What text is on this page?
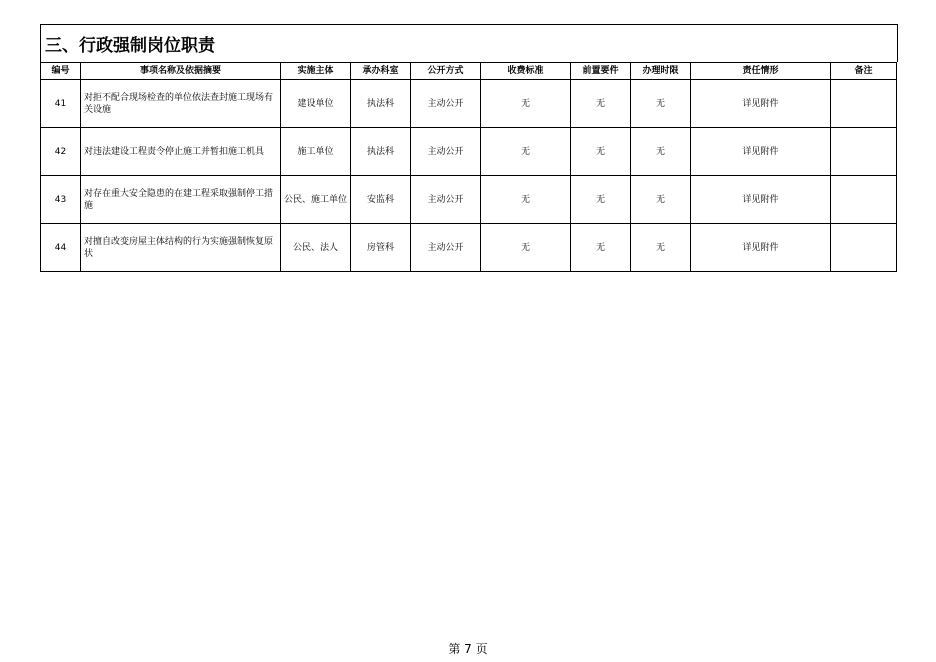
三、行政强制岗位职责
编号	事项名称及依据摘要	实施主体	承办科室	公开方式	收费标准	前置要件	办理时限	责任情形	备注
41	对拒不配合现场检查的单位依法查封施工现场有关设施	建设单位	执法科	主动公开	无	无	无	详见附件	
42	对违法建设工程责令停止施工并暂扣施工机具	施工单位	执法科	主动公开	无	无	无	详见附件	
43	对存在重大安全隐患的在建工程采取强制停工措施	公民、施工单位	安监科	主动公开	无	无	无	详见附件	
44	对擅自改变房屋主体结构的行为实施强制恢复原状	公民、法人	房管科	主动公开	无	无	无	详见附件	
第 7 页
